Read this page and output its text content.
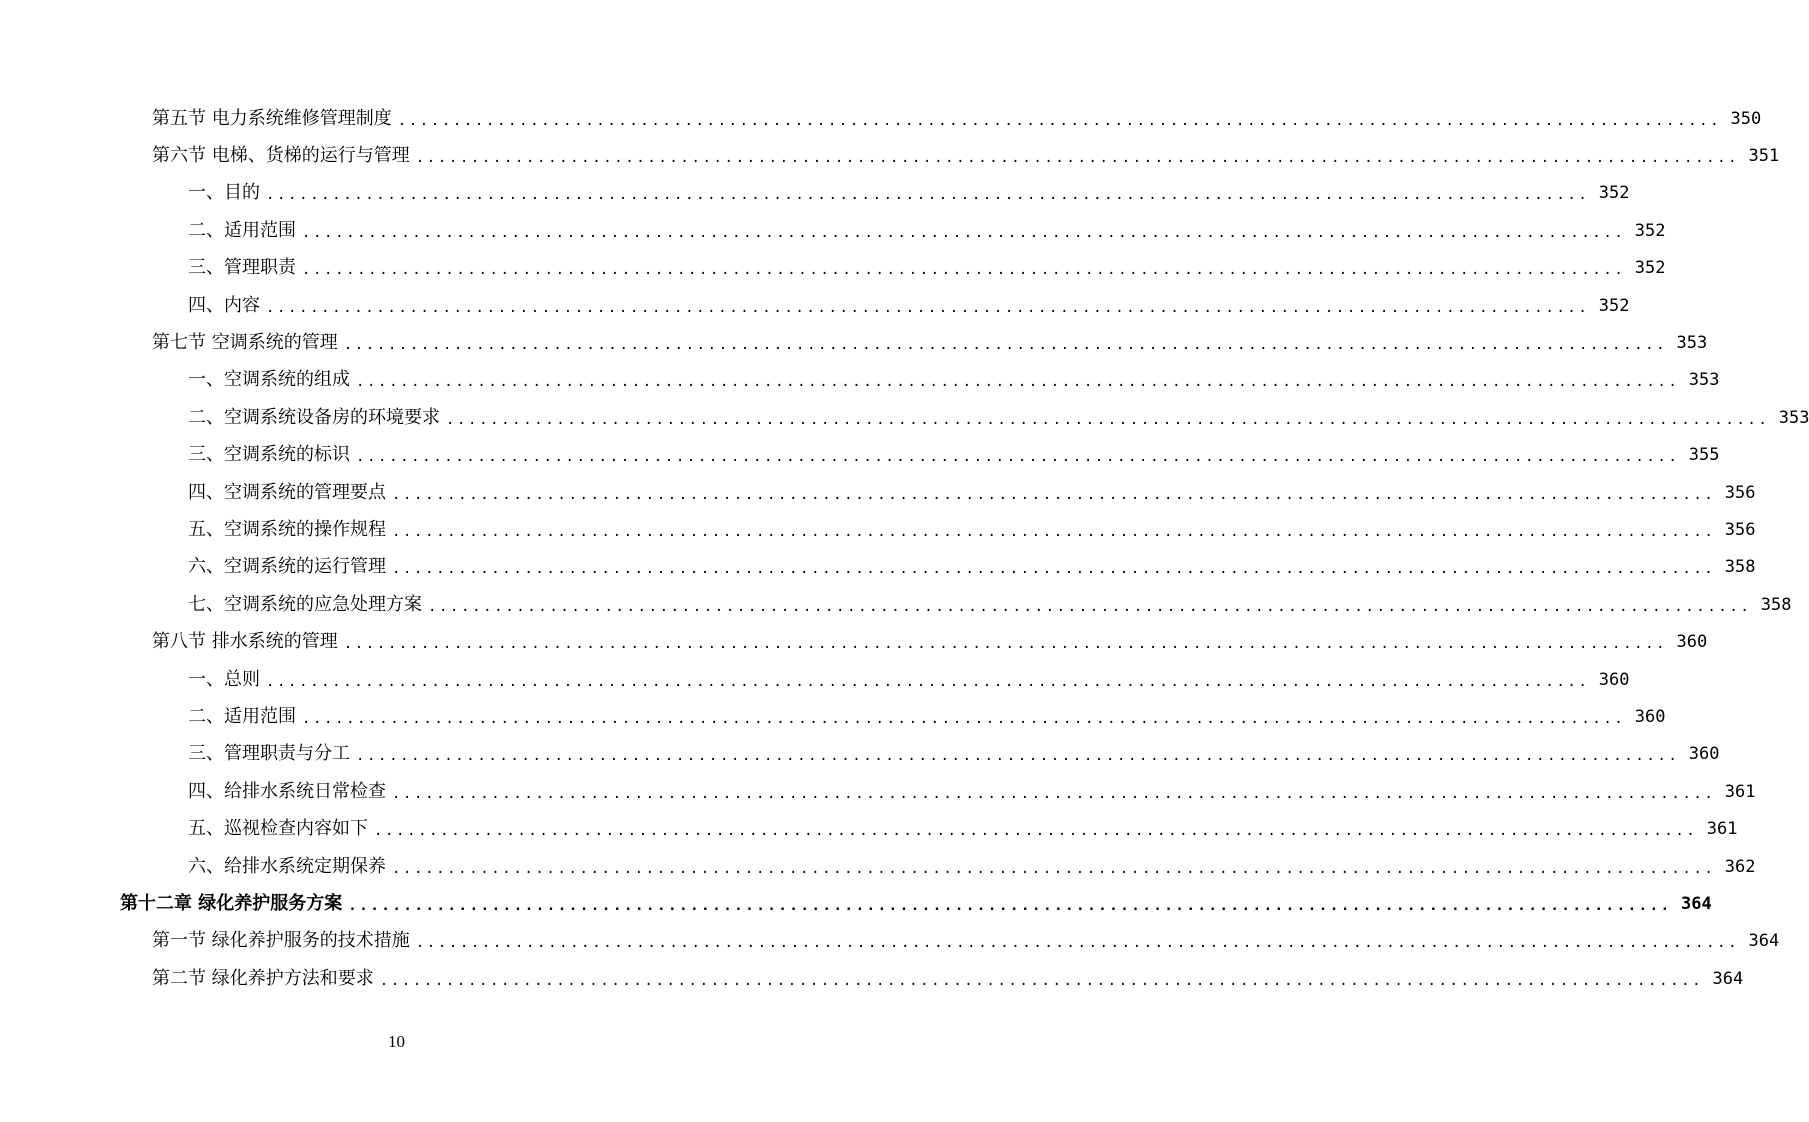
第五节 电力系统维修管理制度 ........................................................................................................................ 350
第六节 电梯、货梯的运行与管理 ........................................................................................................................ 351
一、目的 ........................................................................................................................ 352
二、适用范围 ........................................................................................................................ 352
三、管理职责 ........................................................................................................................ 352
四、内容 ........................................................................................................................ 352
第七节 空调系统的管理 ........................................................................................................................ 353
一、空调系统的组成 ........................................................................................................................ 353
二、空调系统设备房的环境要求 ........................................................................................................................ 353
三、空调系统的标识 ........................................................................................................................ 355
四、空调系统的管理要点 ........................................................................................................................ 356
五、空调系统的操作规程 ........................................................................................................................ 356
六、空调系统的运行管理 ........................................................................................................................ 358
七、空调系统的应急处理方案 ........................................................................................................................ 358
第八节 排水系统的管理 ........................................................................................................................ 360
一、总则 ........................................................................................................................ 360
二、适用范围 ........................................................................................................................ 360
三、管理职责与分工 ........................................................................................................................ 360
四、给排水系统日常检查 ........................................................................................................................ 361
五、巡视检查内容如下 ........................................................................................................................ 361
六、给排水系统定期保养 ........................................................................................................................ 362
第十二章 绿化养护服务方案 ........................................................................................................................ 364
第一节 绿化养护服务的技术措施 ........................................................................................................................ 364
第二节 绿化养护方法和要求 ........................................................................................................................ 364
10
